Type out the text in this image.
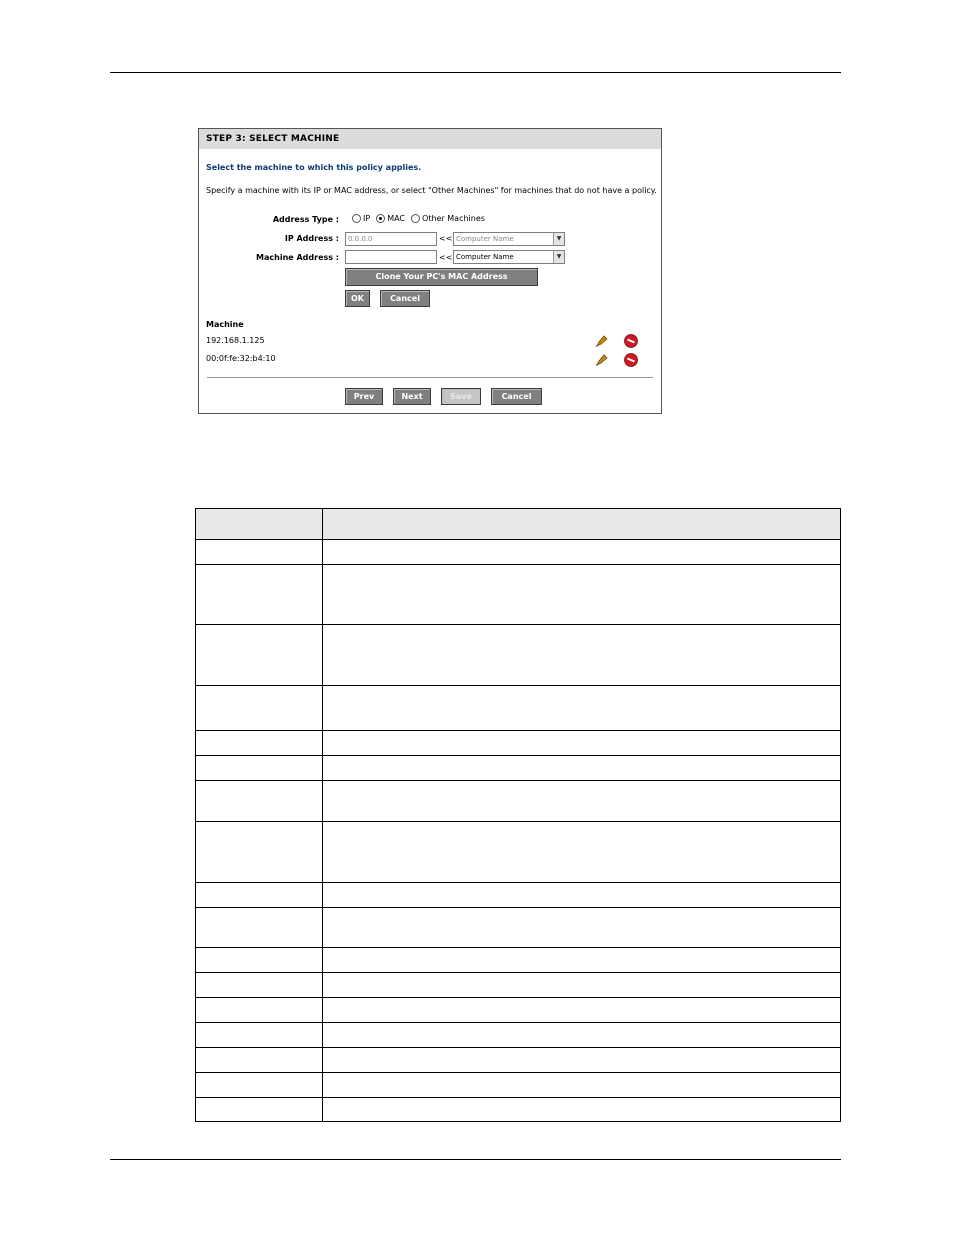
STEP 3: SELECT MACHINE
Select the machine to which this policy applies.
Specify a machine with its IP or MAC address, or select "Other Machines" for machines that do not have a policy.
Address Type :	IP MAC Other Machines
IP Address :	0.0.0.0	<< Computer Name	▼
Machine Address :	<< Computer Name	▼
Clone Your PC's MAC Address
OK	Cancel
Machine
192.168.1.125
00:0f:fe:32:b4:10
Prev	Next	Save	Cancel
